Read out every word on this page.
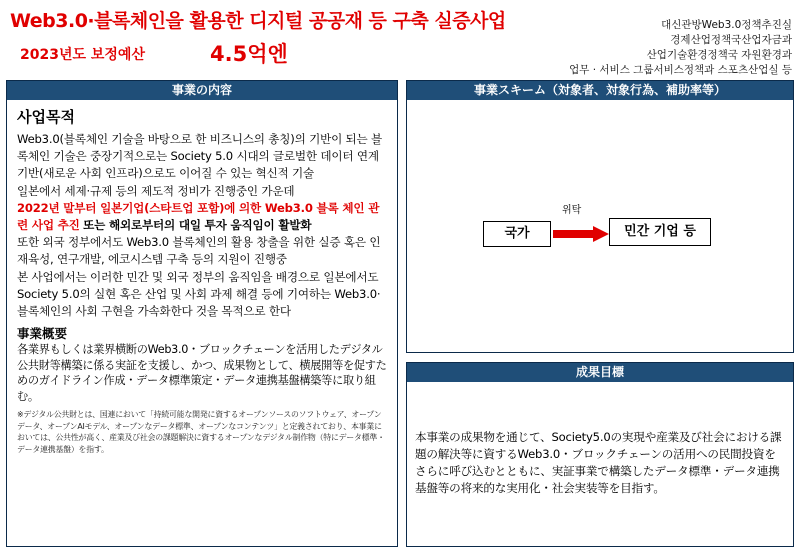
Web3.0·블록체인을 활용한 디지털 공공재 등 구축 실증사업
2023년도 보정예산	4.5억엔
대신관방Web3.0정책추진실
경제산업정책국산업자금과
산업기술환경정책국 자원환경과
업무 · 서비스 그룹서비스정책과 스포츠산업실 등
事業の内容
사업목적

Web3.0(블록체인 기술을 바탕으로 한 비즈니스의 총칭)의 기반이 되는 블록체인 기술은 중장기적으로는 Society 5.0 시대의 글로벌한 데이터 연계 기반(새로운 사회 인프라)으로도 이어질 수 있는 혁신적 기술

일본에서 세제·규제 등의 제도적 정비가 진행중인 가운데
2022년 말부터 일본기업(스타트업 포함)에 의한 Web3.0 블록 체인 관련 사업 추진 또는 해외로부터의 대일 투자 움직임이 활발화

또한 외국 정부에서도 Web3.0 블록체인의 활용 창출을 위한 실증 혹은 인재육성, 연구개발, 에코시스템 구축 등의 지원이 진행중

본 사업에서는 이러한 민간 및 외국 정부의 움직임을 배경으로 일본에서도 Society 5.0의 실현 혹은 산업 및 사회 과제 해결 등에 기여하는 Web3.0·블록체인의 사회 구현을 가속화한다 것을 목적으로 한다

事業概要
各業界もしくは業界横断のWeb3.0・ブロックチェーンを活用したデジタル公共財等構築に係る実証を支援し、かつ、成果物として、横展開等を促すためのガイドライン作成・データ標準策定・データ連携基盤構築等に取り組む。
※デジタル公共財とは、国連において「持続可能な開発に資するオープンソースのソフトウェア、オープンデータ、オープンAIモデル、オープンなデータ標準、オープンなコンテンツ」と定義されており、本事業においては、公共性が高く、産業及び社会の課題解決に資するオープンなデジタル制作物（特にデータ標準・データ連携基盤）を指す。
事業スキーム（対象者、対象行為、補助率等）
위탁
국가	민간 기업 등
成果目標
本事業の成果物を通じて、Society5.0の実現や産業及び社会における課題の解決等に資するWeb3.0・ブロックチェーンの活用への民間投資をさらに呼び込むとともに、実証事業で構築したデータ標準・データ連携基盤等の将来的な実用化・社会実装等を目指す。
